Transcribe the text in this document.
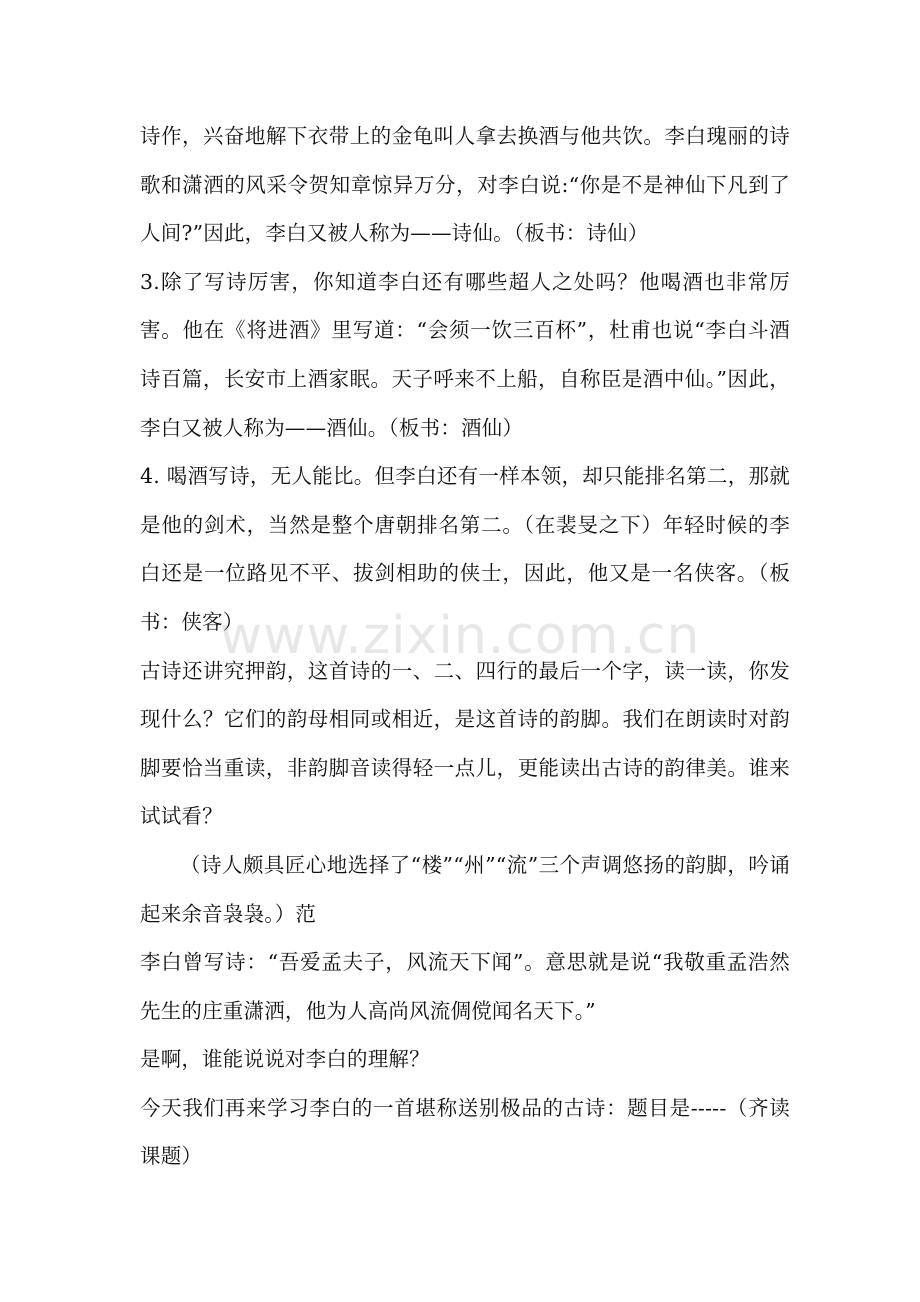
诗作，兴奋地解下衣带上的金龟叫人拿去换酒与他共饮。李白瑰丽的诗歌和潇洒的风采令贺知章惊异万分，对李白说:“你是不是神仙下凡到了人间?”因此，李白又被人称为——诗仙。（板书：诗仙）

3.除了写诗厉害，你知道李白还有哪些超人之处吗？他喝酒也非常厉害。他在《将进酒》里写道：“会须一饮三百杯”，杜甫也说“李白斗酒诗百篇，长安市上酒家眠。天子呼来不上船，自称臣是酒中仙。”因此，李白又被人称为——酒仙。（板书：酒仙）

4. 喝酒写诗，无人能比。但李白还有一样本领，却只能排名第二，那就是他的剑术，当然是整个唐朝排名第二。（在裴旻之下）年轻时候的李白还是一位路见不平、拔剑相助的侠士，因此，他又是一名侠客。（板书：侠客）

古诗还讲究押韵，这首诗的一、二、四行的最后一个字，读一读，你发现什么？它们的韵母相同或相近，是这首诗的韵脚。我们在朗读时对韵脚要恰当重读，非韵脚音读得轻一点儿，更能读出古诗的韵律美。谁来试试看？

（诗人颇具匠心地选择了“楼”“州”“流”三个声调悠扬的韵脚，吟诵起来余音袅袅。）范

李白曾写诗：“吾爱孟夫子，风流天下闻”。意思就是说“我敬重孟浩然先生的庄重潇洒，他为人高尚风流倜傥闻名天下。”

是啊，谁能说说对李白的理解？

今天我们再来学习李白的一首堪称送别极品的古诗：题目是-----（齐读课题）

www.zixin.com.cn
